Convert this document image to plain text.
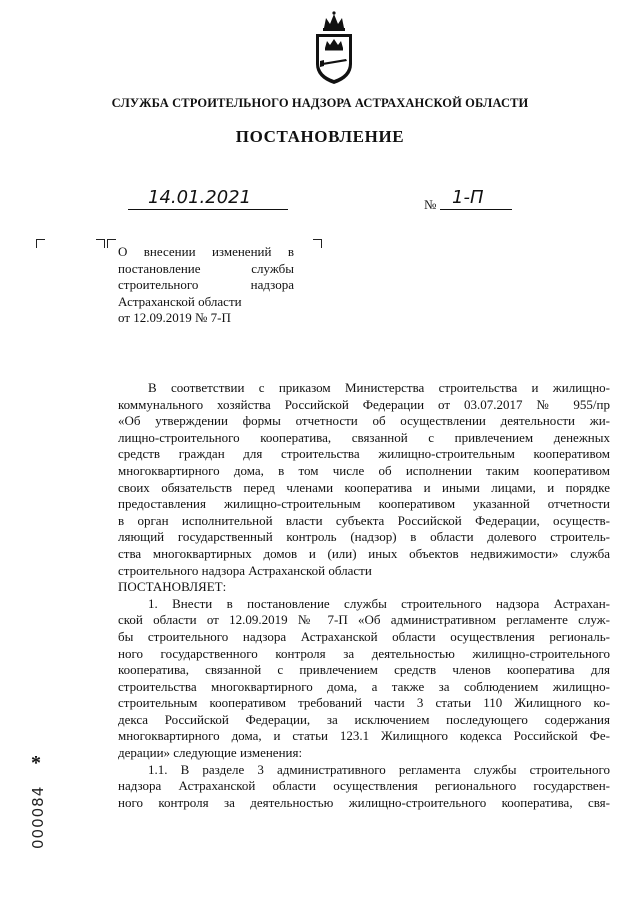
СЛУЖБА СТРОИТЕЛЬНОГО НАДЗОРА АСТРАХАНСКОЙ ОБЛАСТИ
ПОСТАНОВЛЕНИЕ
14.01.2021	№ 1-П
О внесении изменений в
постановление службы
строительного надзора
Астраханской области
от 12.09.2019 № 7-П
В соответствии с приказом Министерства строительства и жилищно-
коммунального хозяйства Российской Федерации от 03.07.2017 № 955/пр
«Об утверждении формы отчетности об осуществлении деятельности жи-
лищно-строительного кооператива, связанной с привлечением денежных
средств граждан для строительства жилищно-строительным кооперативом
многоквартирного дома, в том числе об исполнении таким кооперативом
своих обязательств перед членами кооператива и иными лицами, и порядке
предоставления жилищно-строительным кооперативом указанной отчетности
в орган исполнительной власти субъекта Российской Федерации, осуществ-
ляющий государственный контроль (надзор) в области долевого строитель-
ства многоквартирных домов и (или) иных объектов недвижимости» служба
строительного надзора Астраханской области
ПОСТАНОВЛЯЕТ:
1. Внести в постановление службы строительного надзора Астрахан-
ской области от 12.09.2019 № 7-П «Об административном регламенте служ-
бы строительного надзора Астраханской области осуществления региональ-
ного государственного контроля за деятельностью жилищно-строительного
кооператива, связанной с привлечением средств членов кооператива для
строительства многоквартирного дома, а также за соблюдением жилищно-
строительным кооперативом требований части 3 статьи 110 Жилищного ко-
декса Российской Федерации, за исключением последующего содержания
многоквартирного дома, и статьи 123.1 Жилищного кодекса Российской Фе-
дерации» следующие изменения:
1.1. В разделе 3 административного регламента службы строительного
надзора Астраханской области осуществления регионального государствен-
ного контроля за деятельностью жилищно-строительного кооператива, свя-
*
000084
